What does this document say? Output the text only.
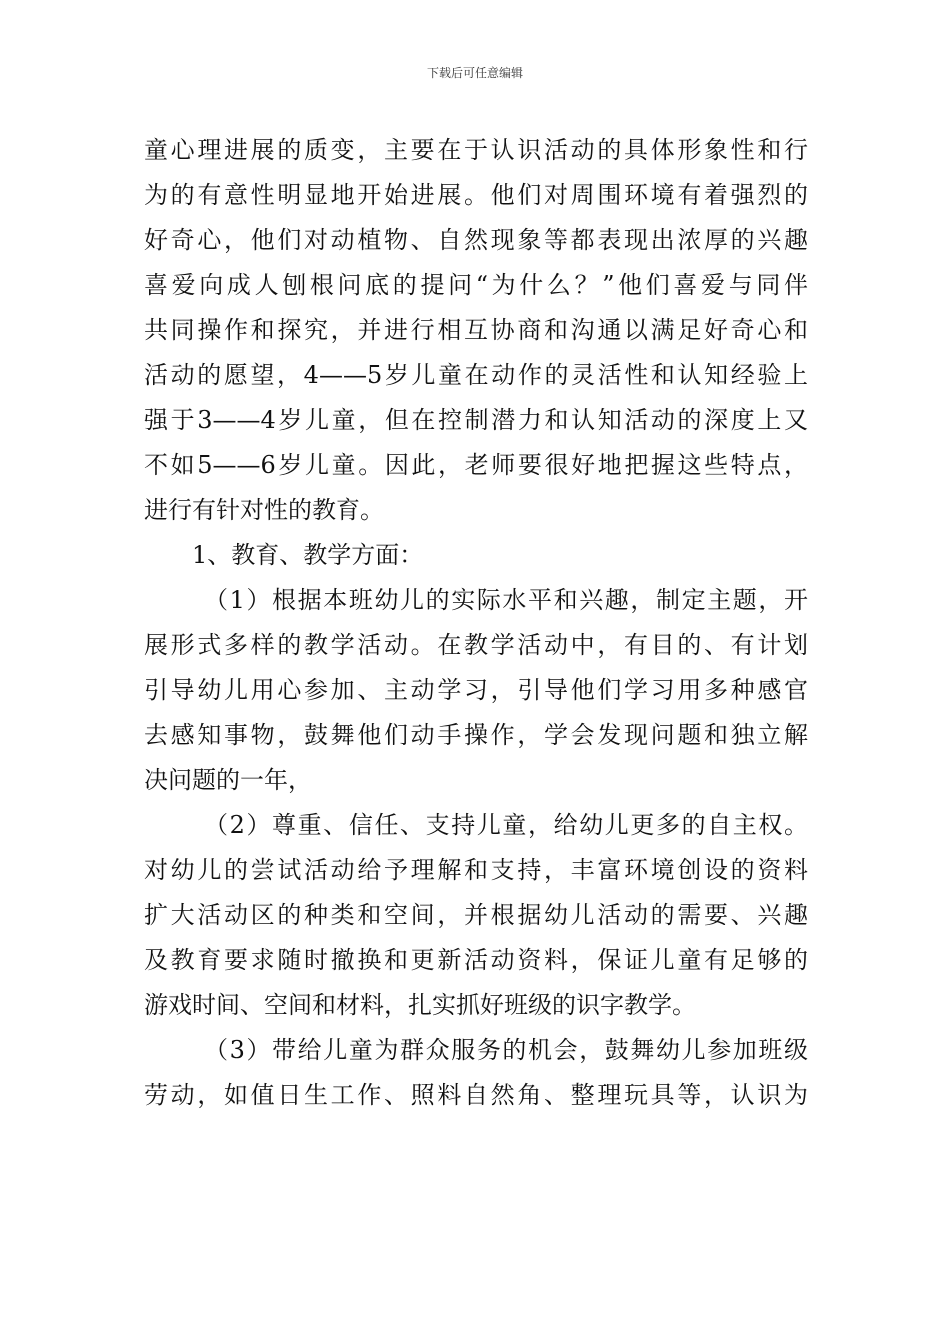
下载后可任意编辑
童心理进展的质变，主要在于认识活动的具体形象性和行
为的有意性明显地开始进展。他们对周围环境有着强烈的
好奇心，他们对动植物、自然现象等都表现出浓厚的兴趣
喜爱向成人刨根问底的提问“为什么？”他们喜爱与同伴
共同操作和探究，并进行相互协商和沟通以满足好奇心和
活动的愿望，4——5岁儿童在动作的灵活性和认知经验上
强于3——4岁儿童，但在控制潜力和认知活动的深度上又
不如5——6岁儿童。因此，老师要很好地把握这些特点，
进行有针对性的教育。
1、教育、教学方面：
（1）根据本班幼儿的实际水平和兴趣，制定主题，开
展形式多样的教学活动。在教学活动中，有目的、有计划
引导幼儿用心参加、主动学习，引导他们学习用多种感官
去感知事物，鼓舞他们动手操作，学会发现问题和独立解
决问题的一年，
（2）尊重、信任、支持儿童，给幼儿更多的自主权。
对幼儿的尝试活动给予理解和支持，丰富环境创设的资料
扩大活动区的种类和空间，并根据幼儿活动的需要、兴趣
及教育要求随时撤换和更新活动资料，保证儿童有足够的
游戏时间、空间和材料，扎实抓好班级的识字教学。
（3）带给儿童为群众服务的机会，鼓舞幼儿参加班级
劳动，如值日生工作、照料自然角、整理玩具等，认识为
